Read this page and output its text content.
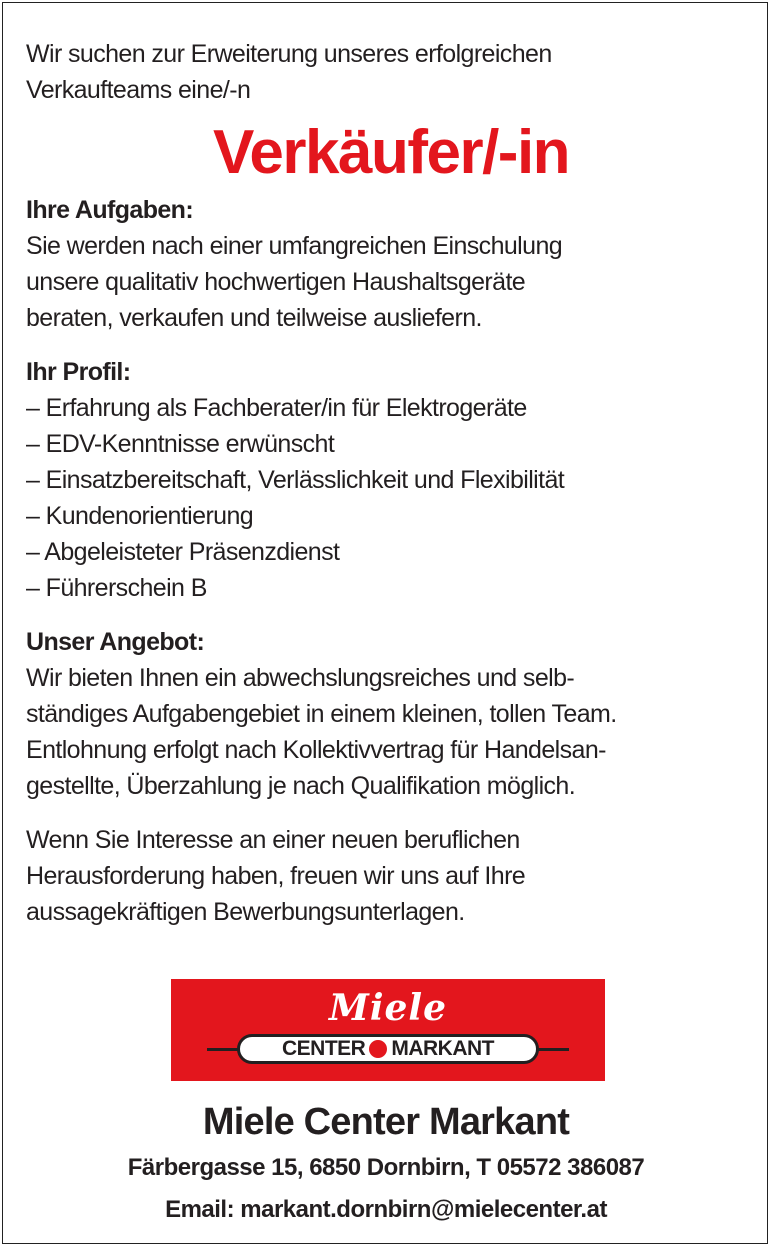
Wir suchen zur Erweiterung unseres erfolgreichen
Verkaufteams eine/-n
Verkäufer/-in
Ihre Aufgaben:
Sie werden nach einer umfangreichen Einschulung
unsere qualitativ hochwertigen Haushaltsgeräte
beraten, verkaufen und teilweise ausliefern.
Ihr Profil:
– Erfahrung als Fachberater/in für Elektrogeräte
– EDV-Kenntnisse erwünscht
– Einsatzbereitschaft, Verlässlichkeit und Flexibilität
– Kundenorientierung
– Abgeleisteter Präsenzdienst
– Führerschein B
Unser Angebot:
Wir bieten Ihnen ein abwechslungsreiches und selb-
ständiges Aufgabengebiet in einem kleinen, tollen Team.
Entlohnung erfolgt nach Kollektivvertrag für Handelsan-
gestellte, Überzahlung je nach Qualifikation möglich.
Wenn Sie Interesse an einer neuen beruflichen
Herausforderung haben, freuen wir uns auf Ihre
aussagekräftigen Bewerbungsunterlagen.
Miele
CENTER MARKANT
Miele Center Markant
Färbergasse 15, 6850 Dornbirn, T 05572 386087
Email: markant.dornbirn@mielecenter.at
